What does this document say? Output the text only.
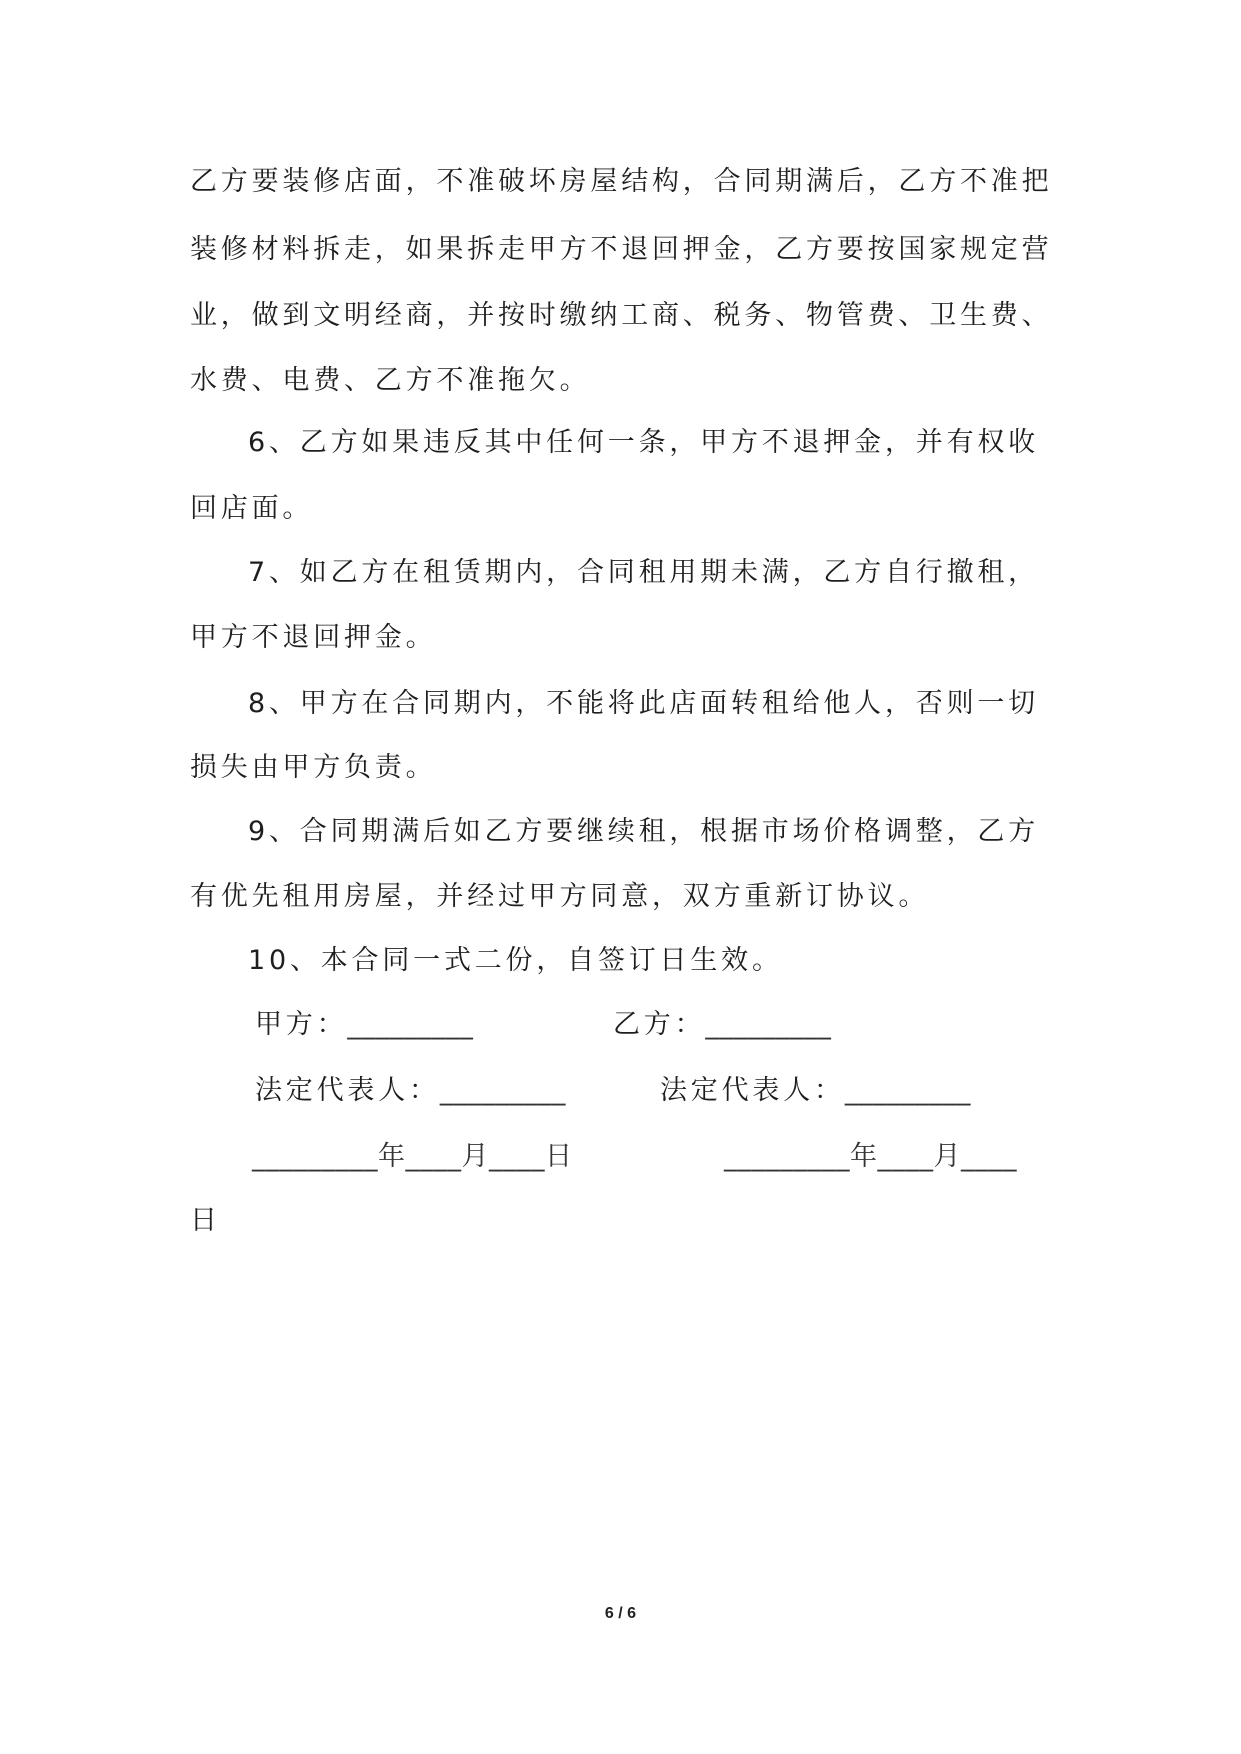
乙方要装修店面，不准破坏房屋结构，合同期满后，乙方不准把
装修材料拆走，如果拆走甲方不退回押金，乙方要按国家规定营
业，做到文明经商，并按时缴纳工商、税务、物管费、卫生费、
水费、电费、乙方不准拖欠。
6、乙方如果违反其中任何一条，甲方不退押金，并有权收
回店面。
7、如乙方在租赁期内，合同租用期未满，乙方自行撤租，
甲方不退回押金。
8、甲方在合同期内，不能将此店面转租给他人，否则一切
损失由甲方负责。
9、合同期满后如乙方要继续租，根据市场价格调整，乙方
有优先租用房屋，并经过甲方同意，双方重新订协议。
10、本合同一式二份，自签订日生效。
甲方：_________	乙方：_________
法定代表人：_________	法定代表人：_________
_________年____月____日	_________年____月____
日
6 / 6
